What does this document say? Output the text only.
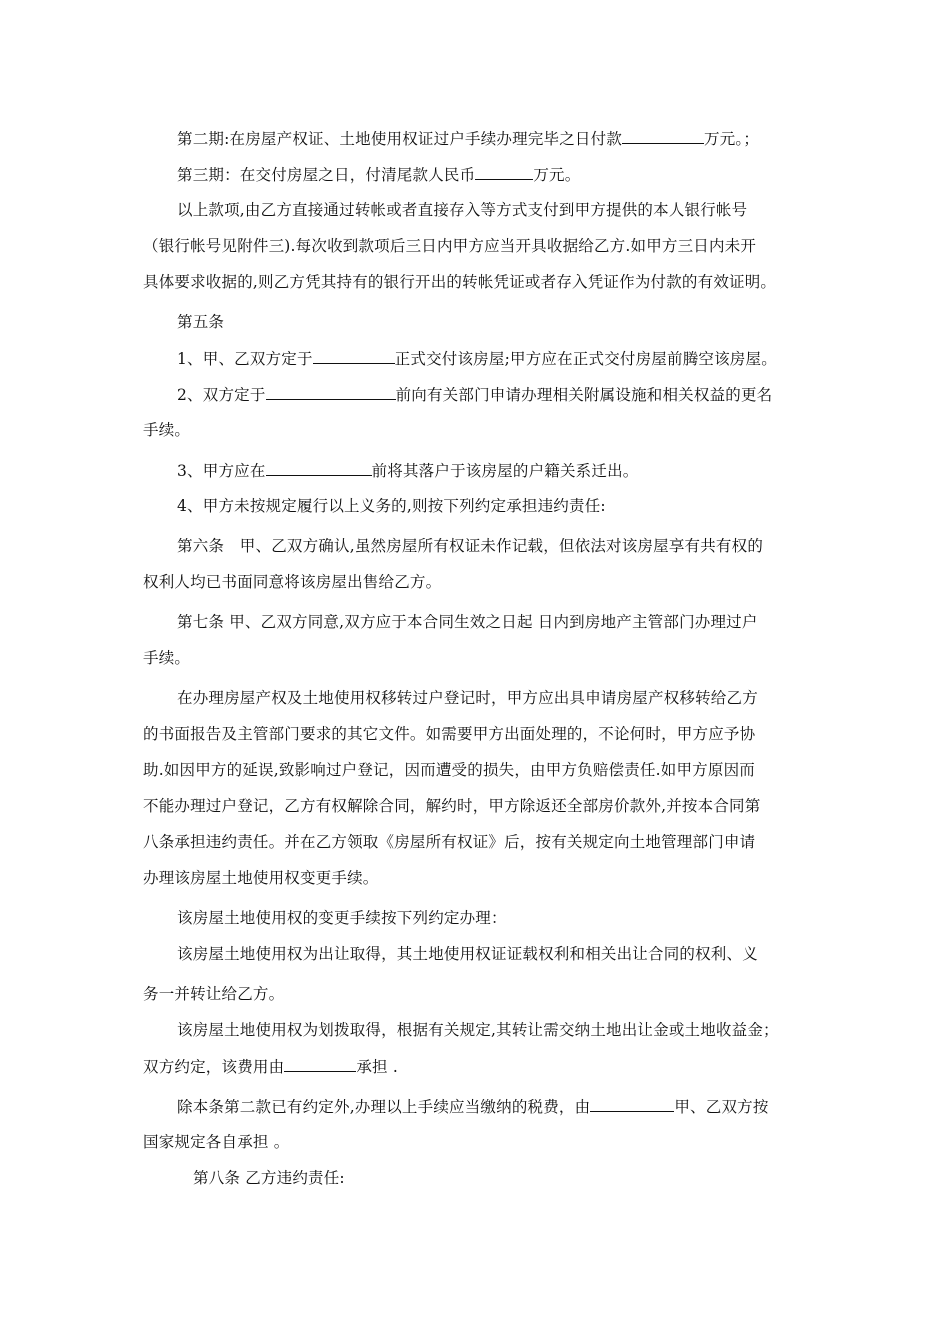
第二期:在房屋产权证、土地使用权证过户手续办理完毕之日付款	万元。；
第三期：在交付房屋之日，付清尾款人民币	万元。
以上款项,由乙方直接通过转帐或者直接存入等方式支付到甲方提供的本人银行帐号
（银行帐号见附件三).每次收到款项后三日内甲方应当开具收据给乙方.如甲方三日内未开
具体要求收据的,则乙方凭其持有的银行开出的转帐凭证或者存入凭证作为付款的有效证明。
第五条
1、甲、乙双方定于	正式交付该房屋;甲方应在正式交付房屋前腾空该房屋。
2、双方定于	前向有关部门申请办理相关附属设施和相关权益的更名
手续。
3、甲方应在	前将其落户于该房屋的户籍关系迁出。
4、甲方未按规定履行以上义务的,则按下列约定承担违约责任:
第六条　甲、乙双方确认,虽然房屋所有权证未作记载，但依法对该房屋享有共有权的
权利人均已书面同意将该房屋出售给乙方。
第七条 甲、乙双方同意,双方应于本合同生效之日起 日内到房地产主管部门办理过户
手续。
在办理房屋产权及土地使用权移转过户登记时，甲方应出具申请房屋产权移转给乙方
的书面报告及主管部门要求的其它文件。如需要甲方出面处理的，不论何时，甲方应予协
助.如因甲方的延误,致影响过户登记，因而遭受的损失，由甲方负赔偿责任.如甲方原因而
不能办理过户登记，乙方有权解除合同，解约时，甲方除返还全部房价款外,并按本合同第
八条承担违约责任。并在乙方领取《房屋所有权证》后，按有关规定向土地管理部门申请
办理该房屋土地使用权变更手续。
该房屋土地使用权的变更手续按下列约定办理：
该房屋土地使用权为出让取得，其土地使用权证证载权利和相关出让合同的权利、义
务一并转让给乙方。
该房屋土地使用权为划拨取得，根据有关规定,其转让需交纳土地出让金或土地收益金；
双方约定，该费用由	承担 .
除本条第二款已有约定外,办理以上手续应当缴纳的税费，由	甲、乙双方按
国家规定各自承担 。
第八条 乙方违约责任:
